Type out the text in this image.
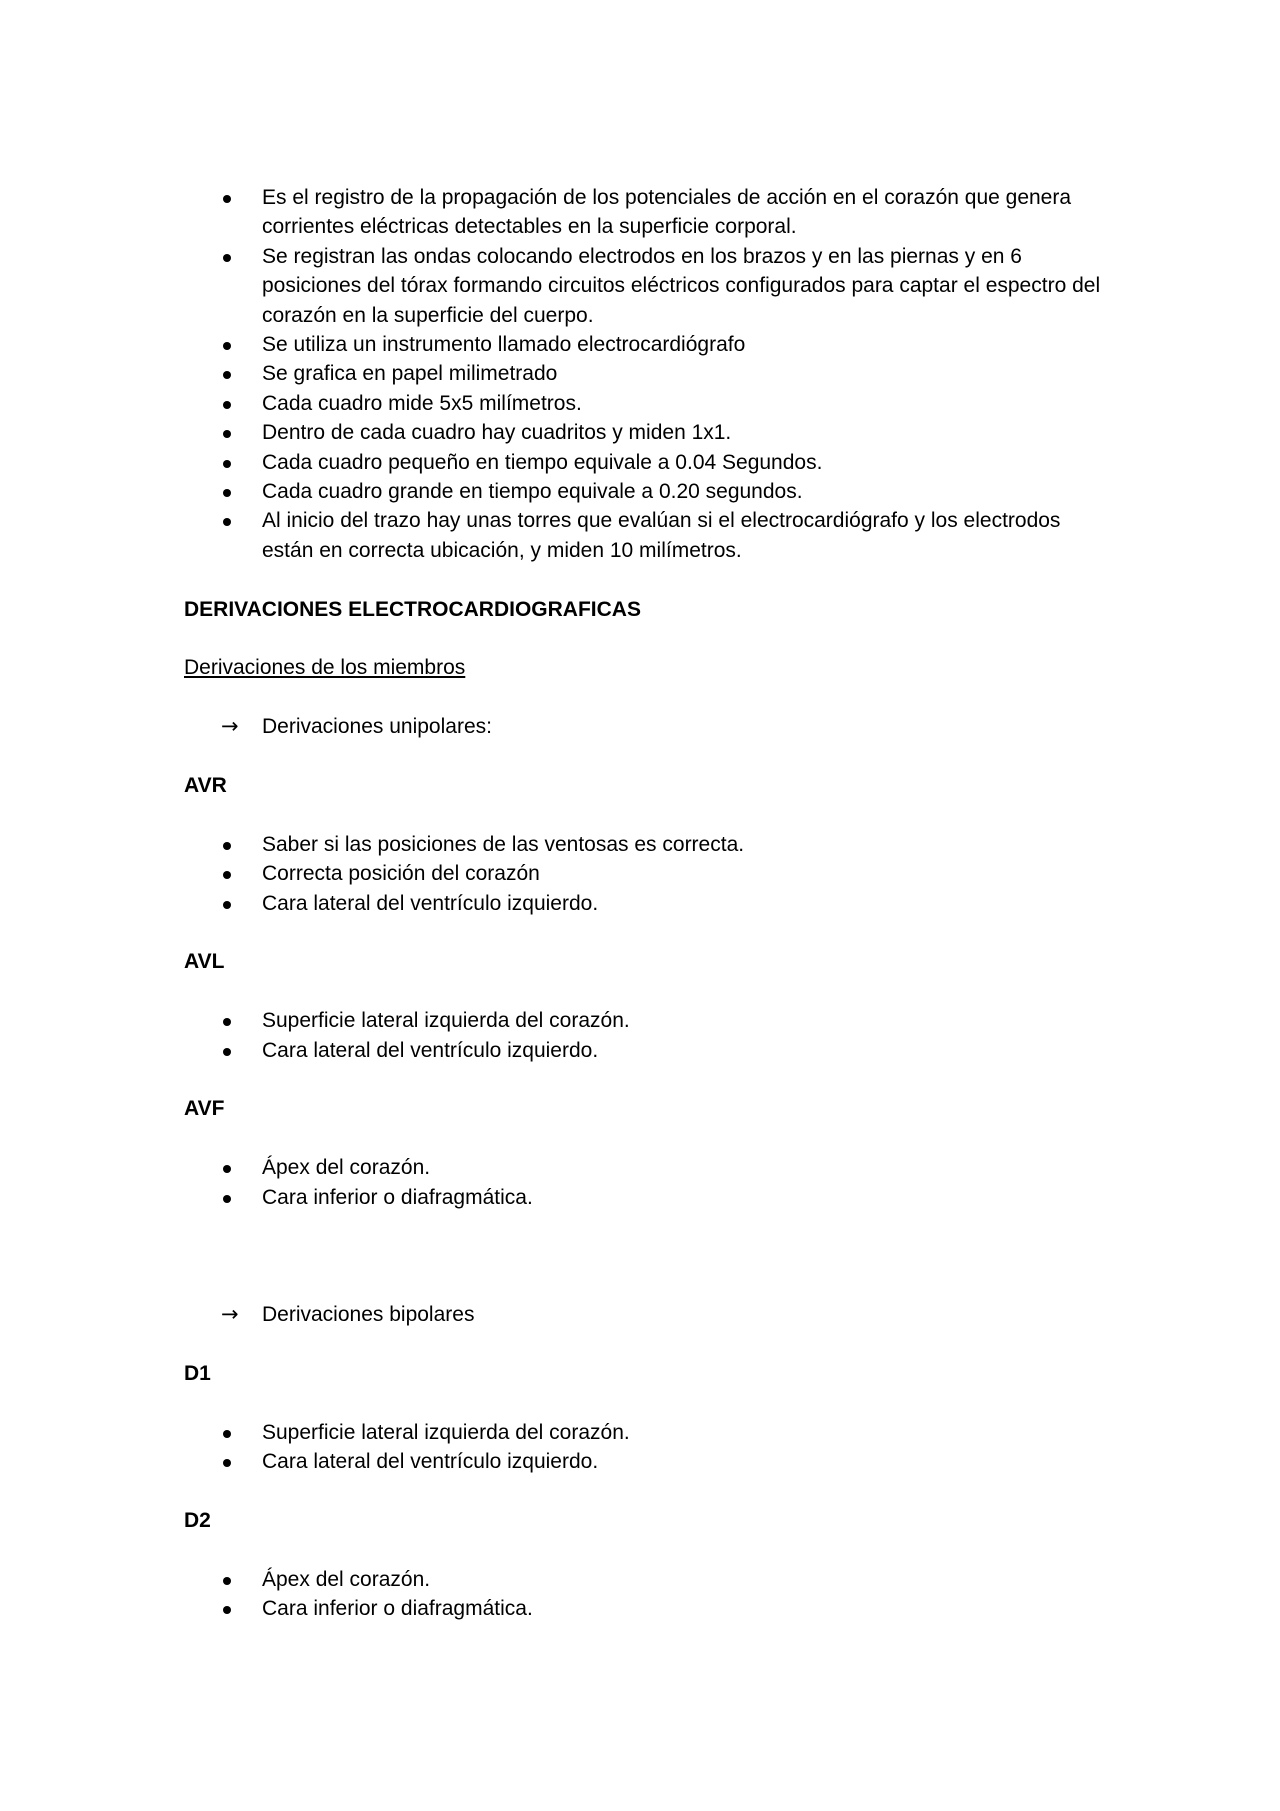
Es el registro de la propagación de los potenciales de acción en el corazón que genera corrientes eléctricas detectables en la superficie corporal.
Se registran las ondas colocando electrodos en los brazos y en las piernas y en 6 posiciones del tórax formando circuitos eléctricos configurados para captar el espectro del corazón en la superficie del cuerpo.
Se utiliza un instrumento llamado electrocardiógrafo
Se grafica en papel milimetrado
Cada cuadro mide 5x5 milímetros.
Dentro de cada cuadro hay cuadritos y miden 1x1.
Cada cuadro pequeño en tiempo equivale a 0.04 Segundos.
Cada cuadro grande en tiempo equivale a 0.20 segundos.
Al inicio del trazo hay unas torres que evalúan si el electrocardiógrafo y los electrodos están en correcta ubicación, y miden 10 milímetros.

DERIVACIONES ELECTROCARDIOGRAFICAS

Derivaciones de los miembros

→ Derivaciones unipolares:

AVR

Saber si las posiciones de las ventosas es correcta.
Correcta posición del corazón
Cara lateral del ventrículo izquierdo.

AVL

Superficie lateral izquierda del corazón.
Cara lateral del ventrículo izquierdo.

AVF

Ápex del corazón.
Cara inferior o diafragmática.

→ Derivaciones bipolares

D1

Superficie lateral izquierda del corazón.
Cara lateral del ventrículo izquierdo.

D2

Ápex del corazón.
Cara inferior o diafragmática.
